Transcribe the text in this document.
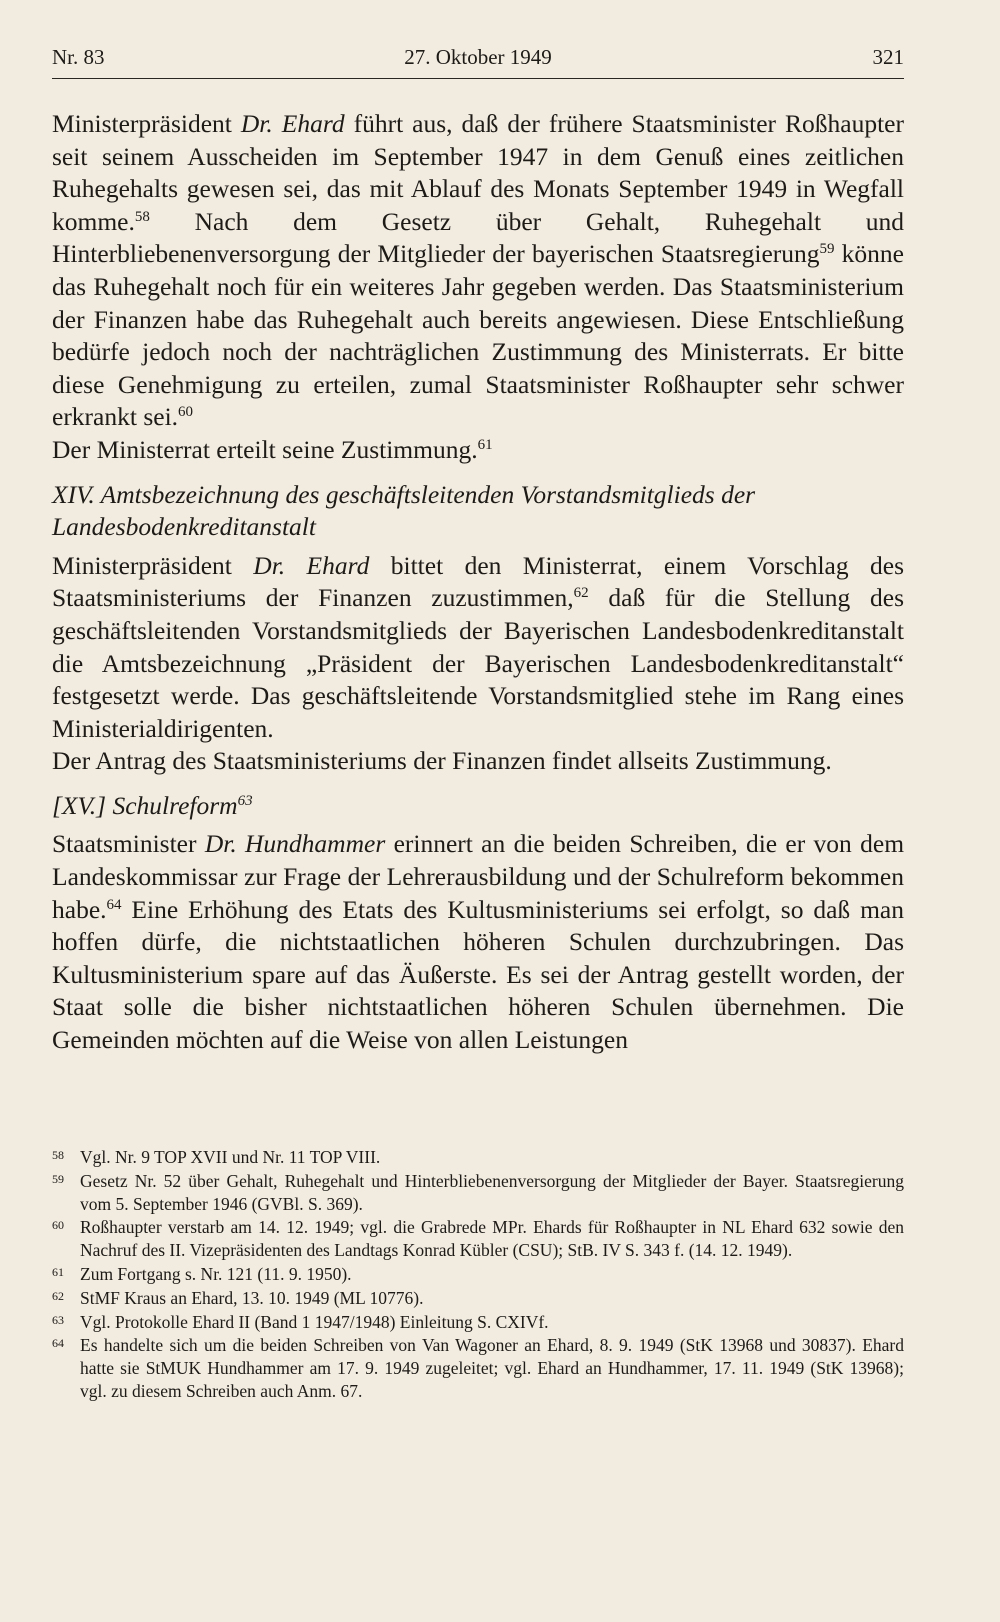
Nr. 83	27. Oktober 1949	321

Ministerpräsident Dr. Ehard führt aus, daß der frühere Staatsminister Roßhaupter seit seinem Ausscheiden im September 1947 in dem Genuß eines zeitlichen Ruhegehalts gewesen sei, das mit Ablauf des Monats September 1949 in Wegfall komme.$^{58}$ Nach dem Gesetz über Gehalt, Ruhegehalt und Hinterbliebenenversorgung der Mitglieder der bayerischen Staatsregierung$^{59}$ könne das Ruhegehalt noch für ein weiteres Jahr gegeben werden. Das Staatsministerium der Finanzen habe das Ruhegehalt auch bereits angewiesen. Diese Entschließung bedürfe jedoch noch der nachträglichen Zustimmung des Ministerrats. Er bitte diese Genehmigung zu erteilen, zumal Staatsminister Roßhaupter sehr schwer erkrankt sei.$^{60}$

Der Ministerrat erteilt seine Zustimmung.$^{61}$

XIV. Amtsbezeichnung des geschäftsleitenden Vorstandsmitglieds der Landesbodenkreditanstalt

Ministerpräsident Dr. Ehard bittet den Ministerrat, einem Vorschlag des Staatsministeriums der Finanzen zuzustimmen,$^{62}$ daß für die Stellung des geschäftsleitenden Vorstandsmitglieds der Bayerischen Landesbodenkreditanstalt die Amtsbezeichnung „Präsident der Bayerischen Landesbodenkreditanstalt“ festgesetzt werde. Das geschäftsleitende Vorstandsmitglied stehe im Rang eines Ministerialdirigenten.

Der Antrag des Staatsministeriums der Finanzen findet allseits Zustimmung.

[XV.] Schulreform$^{63}$

Staatsminister Dr. Hundhammer erinnert an die beiden Schreiben, die er von dem Landeskommissar zur Frage der Lehrerausbildung und der Schulreform bekommen habe.$^{64}$ Eine Erhöhung des Etats des Kultusministeriums sei erfolgt, so daß man hoffen dürfe, die nichtstaatlichen höheren Schulen durchzubringen. Das Kultusministerium spare auf das Äußerste. Es sei der Antrag gestellt worden, der Staat solle die bisher nichtstaatlichen höheren Schulen übernehmen. Die Gemeinden möchten auf die Weise von allen Leistungen

58 Vgl. Nr. 9 TOP XVII und Nr. 11 TOP VIII.

59 Gesetz Nr. 52 über Gehalt, Ruhegehalt und Hinterbliebenenversorgung der Mitglieder der Bayer. Staatsregierung vom 5. September 1946 (GVBl. S. 369).

60 Roßhaupter verstarb am 14. 12. 1949; vgl. die Grabrede MPr. Ehards für Roßhaupter in NL Ehard 632 sowie den Nachruf des II. Vizepräsidenten des Landtags Konrad Kübler (CSU); StB. IV S. 343 f. (14. 12. 1949).

61 Zum Fortgang s. Nr. 121 (11. 9. 1950).

62 StMF Kraus an Ehard, 13. 10. 1949 (ML 10776).

63 Vgl. Protokolle Ehard II (Band 1 1947/1948) Einleitung S. CXIVf.

64 Es handelte sich um die beiden Schreiben von Van Wagoner an Ehard, 8. 9. 1949 (StK 13968 und 30837). Ehard hatte sie StMUK Hundhammer am 17. 9. 1949 zugeleitet; vgl. Ehard an Hundhammer, 17. 11. 1949 (StK 13968); vgl. zu diesem Schreiben auch Anm. 67.
